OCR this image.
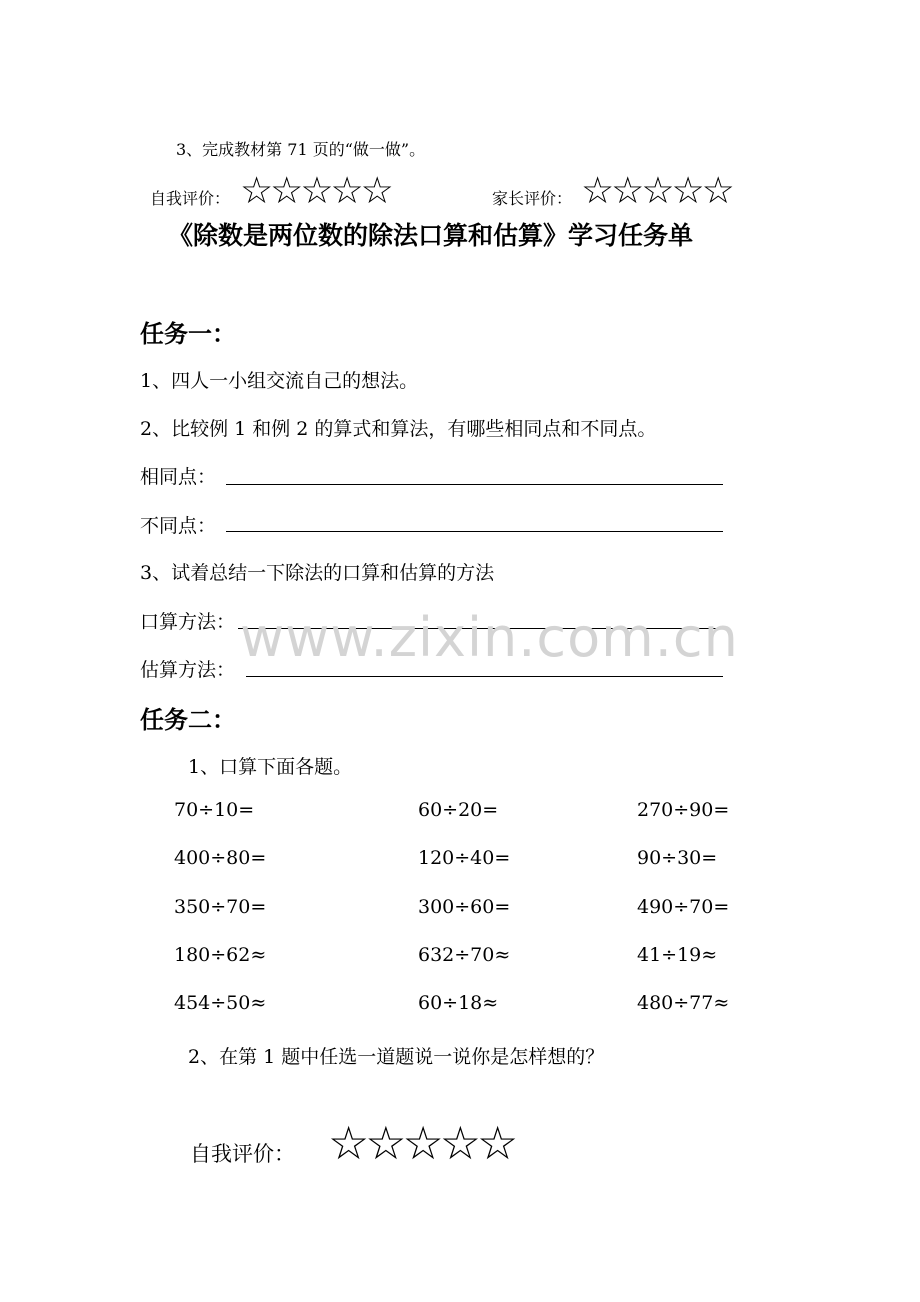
3、完成教材第 71 页的“做一做”。
自我评价： ☆☆☆☆☆	家长评价： ☆☆☆☆☆
《除数是两位数的除法口算和估算》学习任务单
任务一：
1、四人一小组交流自己的想法。
2、比较例 1 和例 2 的算式和算法，有哪些相同点和不同点。
相同点：
不同点：
3、试着总结一下除法的口算和估算的方法
口算方法：
估算方法：
www.zixin.com.cn
任务二：
1、口算下面各题。
70÷10=	60÷20=	270÷90=
400÷80=	120÷40=	90÷30=
350÷70=	300÷60=	490÷70=
180÷62≈	632÷70≈	41÷19≈
454÷50≈	60÷18≈	480÷77≈
2、在第 1 题中任选一道题说一说你是怎样想的？
自我评价： ☆☆☆☆☆
